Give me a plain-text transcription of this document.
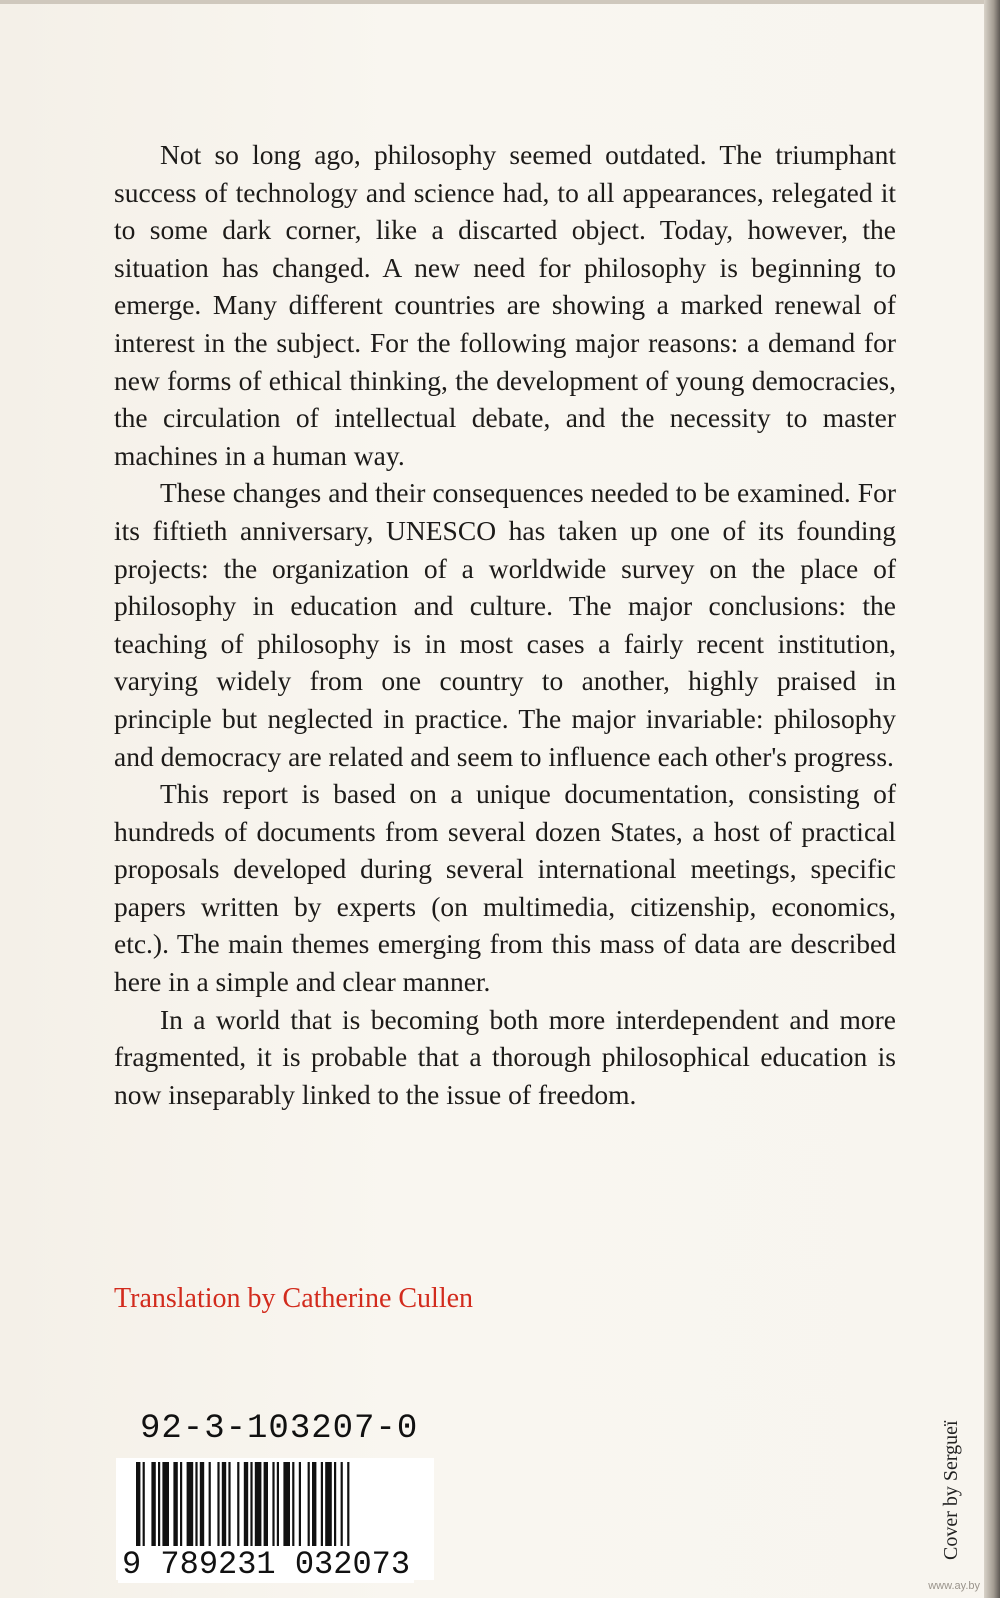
Not so long ago, philosophy seemed outdated. The triumphant success of technology and science had, to all appearances, relegated it to some dark corner, like a discarted object. Today, however, the situation has changed. A new need for philosophy is beginning to emerge. Many different countries are showing a marked renewal of interest in the subject. For the following major reasons: a demand for new forms of ethical thinking, the development of young democracies, the circulation of intellectual debate, and the necessity to master machines in a human way.

These changes and their consequences needed to be examined. For its fiftieth anniversary, UNESCO has taken up one of its founding projects: the organization of a worldwide survey on the place of philosophy in education and culture. The major conclusions: the teaching of philosophy is in most cases a fairly recent institution, varying widely from one country to another, highly praised in principle but neglected in practice. The major invariable: philosophy and democracy are related and seem to influence each other's progress.

This report is based on a unique documentation, consisting of hundreds of documents from several dozen States, a host of practical proposals developed during several international meetings, specific papers written by experts (on multimedia, citizenship, economics, etc.). The main themes emerging from this mass of data are described here in a simple and clear manner.

In a world that is becoming both more interdependent and more fragmented, it is probable that a thorough philosophical education is now inseparably linked to the issue of freedom.

Translation by Catherine Cullen
92-3-103207-0
9 789231 032073
Cover by Sergueï
www.ay.by
